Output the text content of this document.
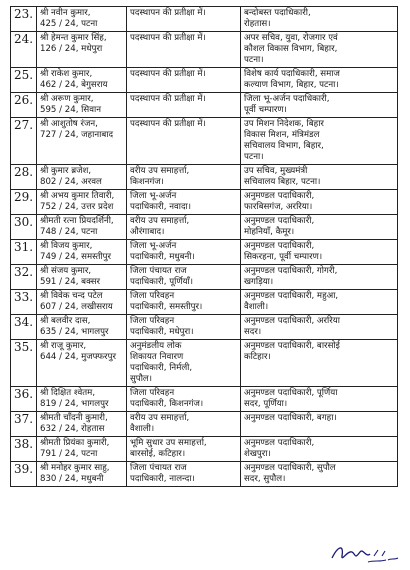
23.	श्री नवीन कुमार,
425 / 24, पटना	पदस्थापन की प्रतीक्षा में।	बन्दोबस्त पदाधिकारी,
रोहतास।

24.	श्री हेमन्त कुमार सिंह,
126 / 24, मधेपुरा	पदस्थापन की प्रतीक्षा में।	अपर सचिव, युवा, रोजगार एवं
कौशल विकास विभाग, बिहार,
पटना।

25.	श्री राकेश कुमार,
462 / 24, बेगुसराय	पदस्थापन की प्रतीक्षा में।	विशेष कार्य पदाधिकारी, समाज
कल्याण विभाग, बिहार, पटना।

26.	श्री अरूण कुमार,
595 / 24, सिवान	पदस्थापन की प्रतीक्षा में।	जिला भू-अर्जन पदाधिकारी,
पूर्वी चम्पारण।

27.	श्री आशुतोष रंजन,
727 / 24, जहानाबाद	पदस्थापन की प्रतीक्षा में।	उप मिशन निदेशक, बिहार
विकास मिशन, मंत्रिमंडल
सचिवालय विभाग, बिहार,
पटना।

28.	श्री कुमार ब्रजेश,
802 / 24, अरवल	वरीय उप समाहर्त्ता,
किशनगंज।	उप सचिव, मुख्यमंत्री
सचिवालय बिहार, पटना।

29.	श्री अभय कुमार तिवारी,
752 / 24, उत्तर प्रदेश	जिला भू-अर्जन
पदाधिकारी, नवादा।	अनुमण्डल पदाधिकारी,
फारबिसगंज, अररिया।

30.	श्रीमती रत्ना प्रियदर्शिनी,
748 / 24, पटना	वरीय उप समाहर्त्ता,
औरंगाबाद।	अनुमण्डल पदाधिकारी,
मोहनियाँ, कैमूर।

31.	श्री विजय कुमार,
749 / 24, समस्तीपुर	जिला भू-अर्जन
पदाधिकारी, मधुबनी।	अनुमण्डल पदाधिकारी,
सिकरहना, पूर्वी चम्पारण।

32.	श्री संजय कुमार,
591 / 24, बक्सर	जिला पंचायत राज
पदाधिकारी, पूर्णियाँ।	अनुमण्डल पदाधिकारी, गोगरी,
खगड़िया।

33.	श्री विवेक चन्द पटेल
607 / 24, लखीसराय	जिला परिवहन
पदाधिकारी, समस्तीपुर।	अनुमण्डल पदाधिकारी, महुआ,
वैशाली।

34.	श्री बलवीर दास,
635 / 24, भागलपुर	जिला परिवहन
पदाधिकारी, मधेपुरा।	अनुमण्डल पदाधिकारी, अररिया
सदर।

35.	श्री राजू कुमार,
644 / 24, मुजफ्फरपुर	अनुमंडलीय लोक
शिकायत निवारण
पदाधिकारी, निर्मली,
सुपौल।	अनुमण्डल पदाधिकारी, बारसोई
कटिहार।

36.	श्री दिक्षित श्वेतम,
819 / 24, भागलपुर	जिला परिवहन
पदाधिकारी, किशनगंज।	अनुमण्डल पदाधिकारी, पूर्णिया
सदर, पूर्णिया।

37.	श्रीमती चाँदनी कुमारी,
632 / 24, रोहतास	वरीय उप समाहर्त्ता,
वैशाली।	अनुमण्डल पदाधिकारी, बगहा।

38.	श्रीमती प्रियंका कुमारी,
791 / 24, पटना	भूमि सुधार उप समाहर्त्ता,
बारसोई, कटिहार।	अनुमण्डल पदाधिकारी,
शेखपुरा।

39.	श्री मनोहर कुमार साहु,
830 / 24, मधुबनी	जिला पंचायत राज
पदाधिकारी, नालन्दा।	अनुमण्डल पदाधिकारी, सुपौल
सदर, सुपौल।
